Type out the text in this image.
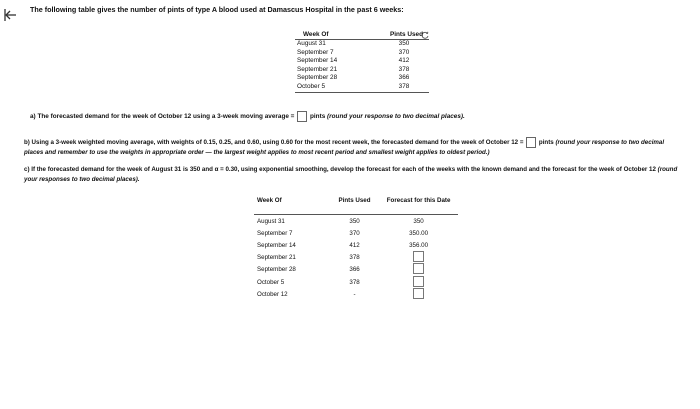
The following table gives the number of pints of type A blood used at Damascus Hospital in the past 6 weeks:
Week Of	Pints Used
August 31	350
September 7	370
September 14	412
September 21	378
September 28	366
October 5	378
a) The forecasted demand for the week of October 12 using a 3-week moving average = pints (round your response to two decimal places).
b) Using a 3-week weighted moving average, with weights of 0.15, 0.25, and 0.60, using 0.60 for the most recent week, the forecasted demand for the week of October 12 = pints (round your response to two decimal places and remember to use the weights in appropriate order — the largest weight applies to most recent period and smallest weight applies to oldest period.)
c) If the forecasted demand for the week of August 31 is 350 and α = 0.30, using exponential smoothing, develop the forecast for each of the weeks with the known demand and the forecast for the week of October 12 (round your responses to two decimal places).
Week Of	Pints Used	Forecast for this Date
August 31	350	350
September 7	370	350.00
September 14	412	356.00
September 21	378
September 28	366
October 5	378
October 12	-
